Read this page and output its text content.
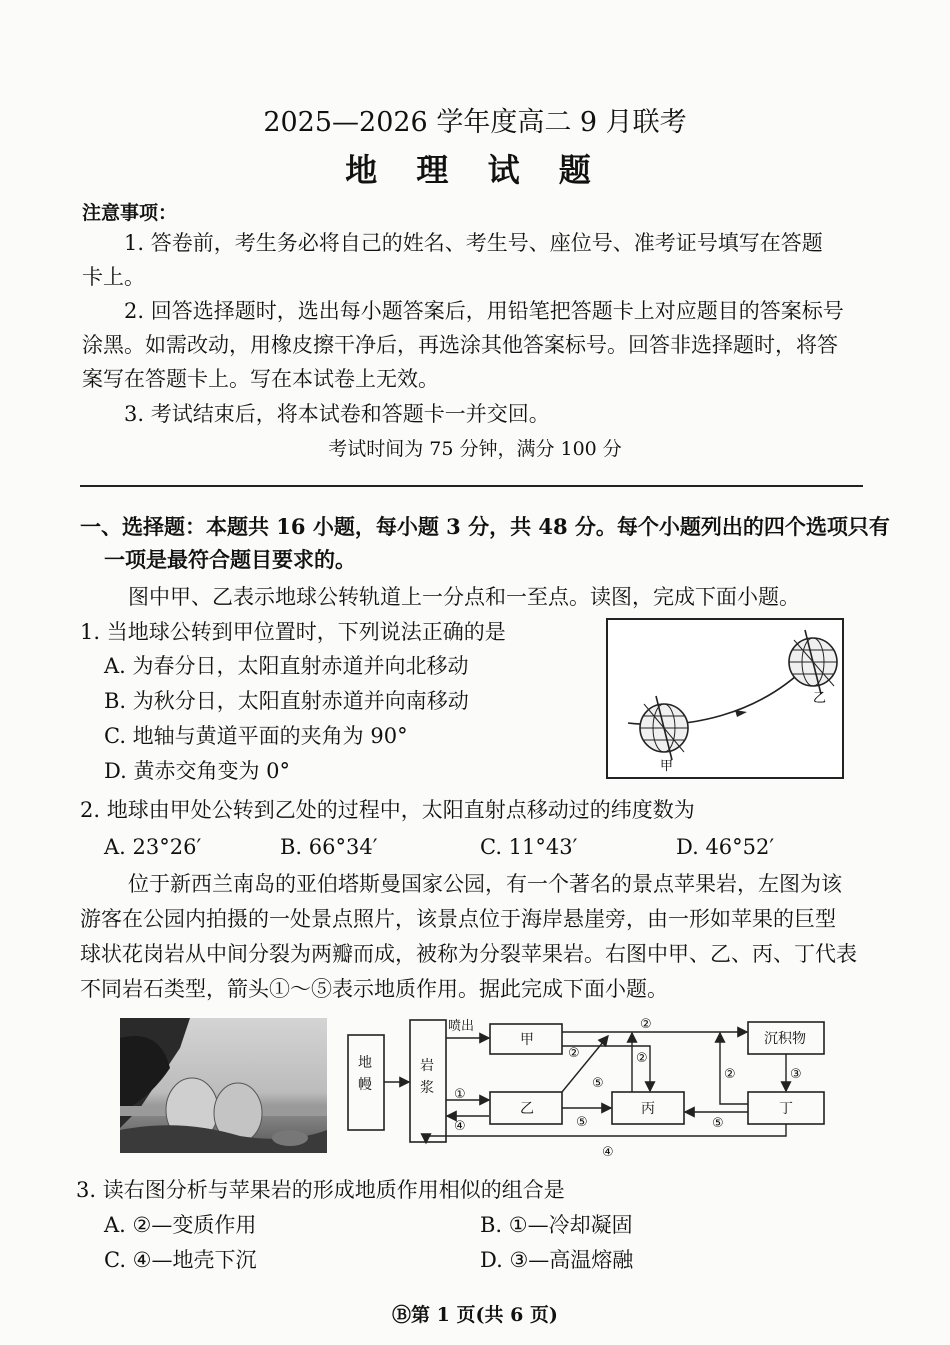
2025—2026 学年度高二 9 月联考
地 理 试 题
注意事项：
1. 答卷前，考生务必将自己的姓名、考生号、座位号、准考证号填写在答题
卡上。
2. 回答选择题时，选出每小题答案后，用铅笔把答题卡上对应题目的答案标号
涂黑。如需改动，用橡皮擦干净后，再选涂其他答案标号。回答非选择题时，将答
案写在答题卡上。写在本试卷上无效。
3. 考试结束后，将本试卷和答题卡一并交回。
考试时间为 75 分钟，满分 100 分
一、选择题：本题共 16 小题，每小题 3 分，共 48 分。每个小题列出的四个选项只有
一项是最符合题目要求的。
图中甲、乙表示地球公转轨道上一分点和一至点。读图，完成下面小题。
1. 当地球公转到甲位置时，下列说法正确的是
A. 为春分日，太阳直射赤道并向北移动
B. 为秋分日，太阳直射赤道并向南移动
C. 地轴与黄道平面的夹角为 90°
D. 黄赤交角变为 0°	甲
乙
2. 地球由甲处公转到乙处的过程中，太阳直射点移动过的纬度数为
A. 23°26′	B. 66°34′	C. 11°43′	D. 46°52′
位于新西兰南岛的亚伯塔斯曼国家公园，有一个著名的景点苹果岩，左图为该
游客在公园内拍摄的一处景点照片，该景点位于海岸悬崖旁，由一形如苹果的巨型
球状花岗岩从中间分裂为两瓣而成，被称为分裂苹果岩。右图中甲、乙、丙、丁代表
不同岩石类型，箭头①～⑤表示地质作用。据此完成下面小题。
地
幔
岩
浆
甲
乙	丙
沉积物
丁
喷出
①
④
②
②	②
⑤
⑤
②	③
⑤
④
3. 读右图分析与苹果岩的形成地质作用相似的组合是
A. ②—变质作用	B. ①—冷却凝固
C. ④—地壳下沉	D. ③—高温熔融
Ⓑ第 1 页(共 6 页)
